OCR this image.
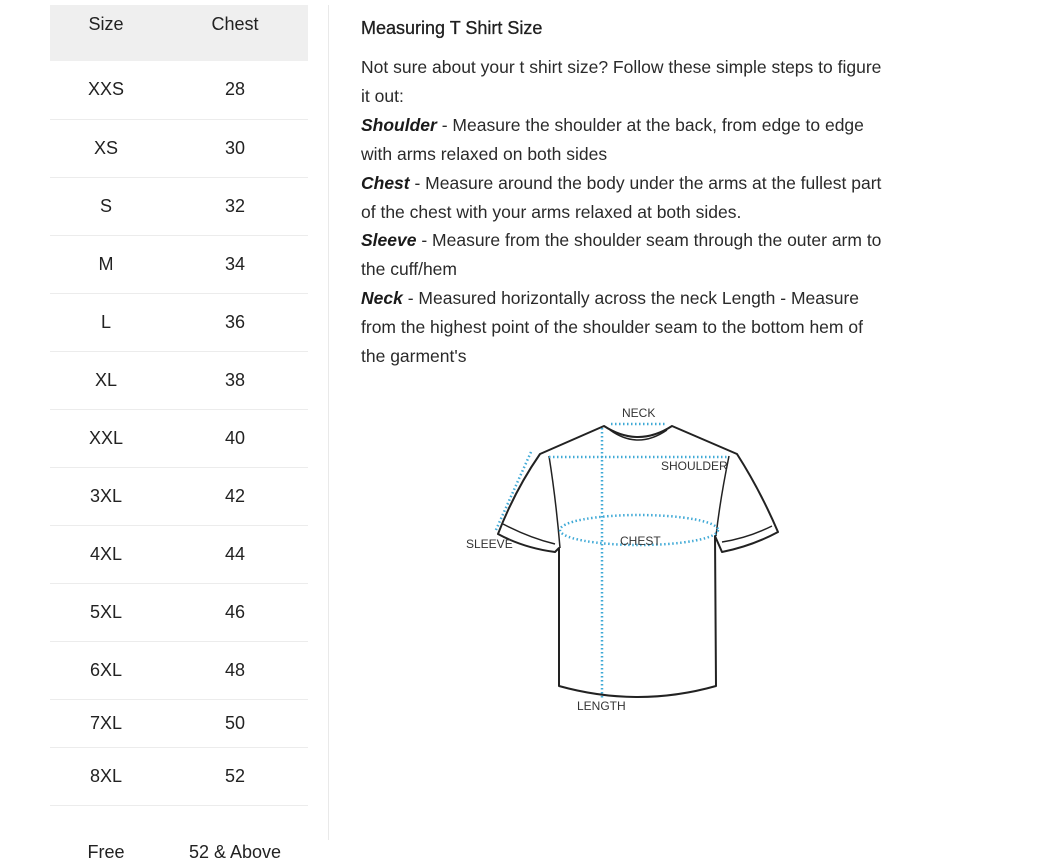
Size	Chest
XXS	28
XS	30
S	32
M	34
L	36
XL	38
XXL	40
3XL	42
4XL	44
5XL	46
6XL	48
7XL	50
8XL	52
Free	52 & Above
Measuring T Shirt Size

Not sure about your t shirt size? Follow these simple steps to figure it out:

Shoulder - Measure the shoulder at the back, from edge to edge with arms relaxed on both sides

Chest - Measure around the body under the arms at the fullest part of the chest with your arms relaxed at both sides.

Sleeve - Measure from the shoulder seam through the outer arm to the cuff/hem

Neck - Measured horizontally across the neck Length - Measure from the highest point of the shoulder seam to the bottom hem of the garment's

NECK
SHOULDER
SLEEVE	CHEST
LENGTH
